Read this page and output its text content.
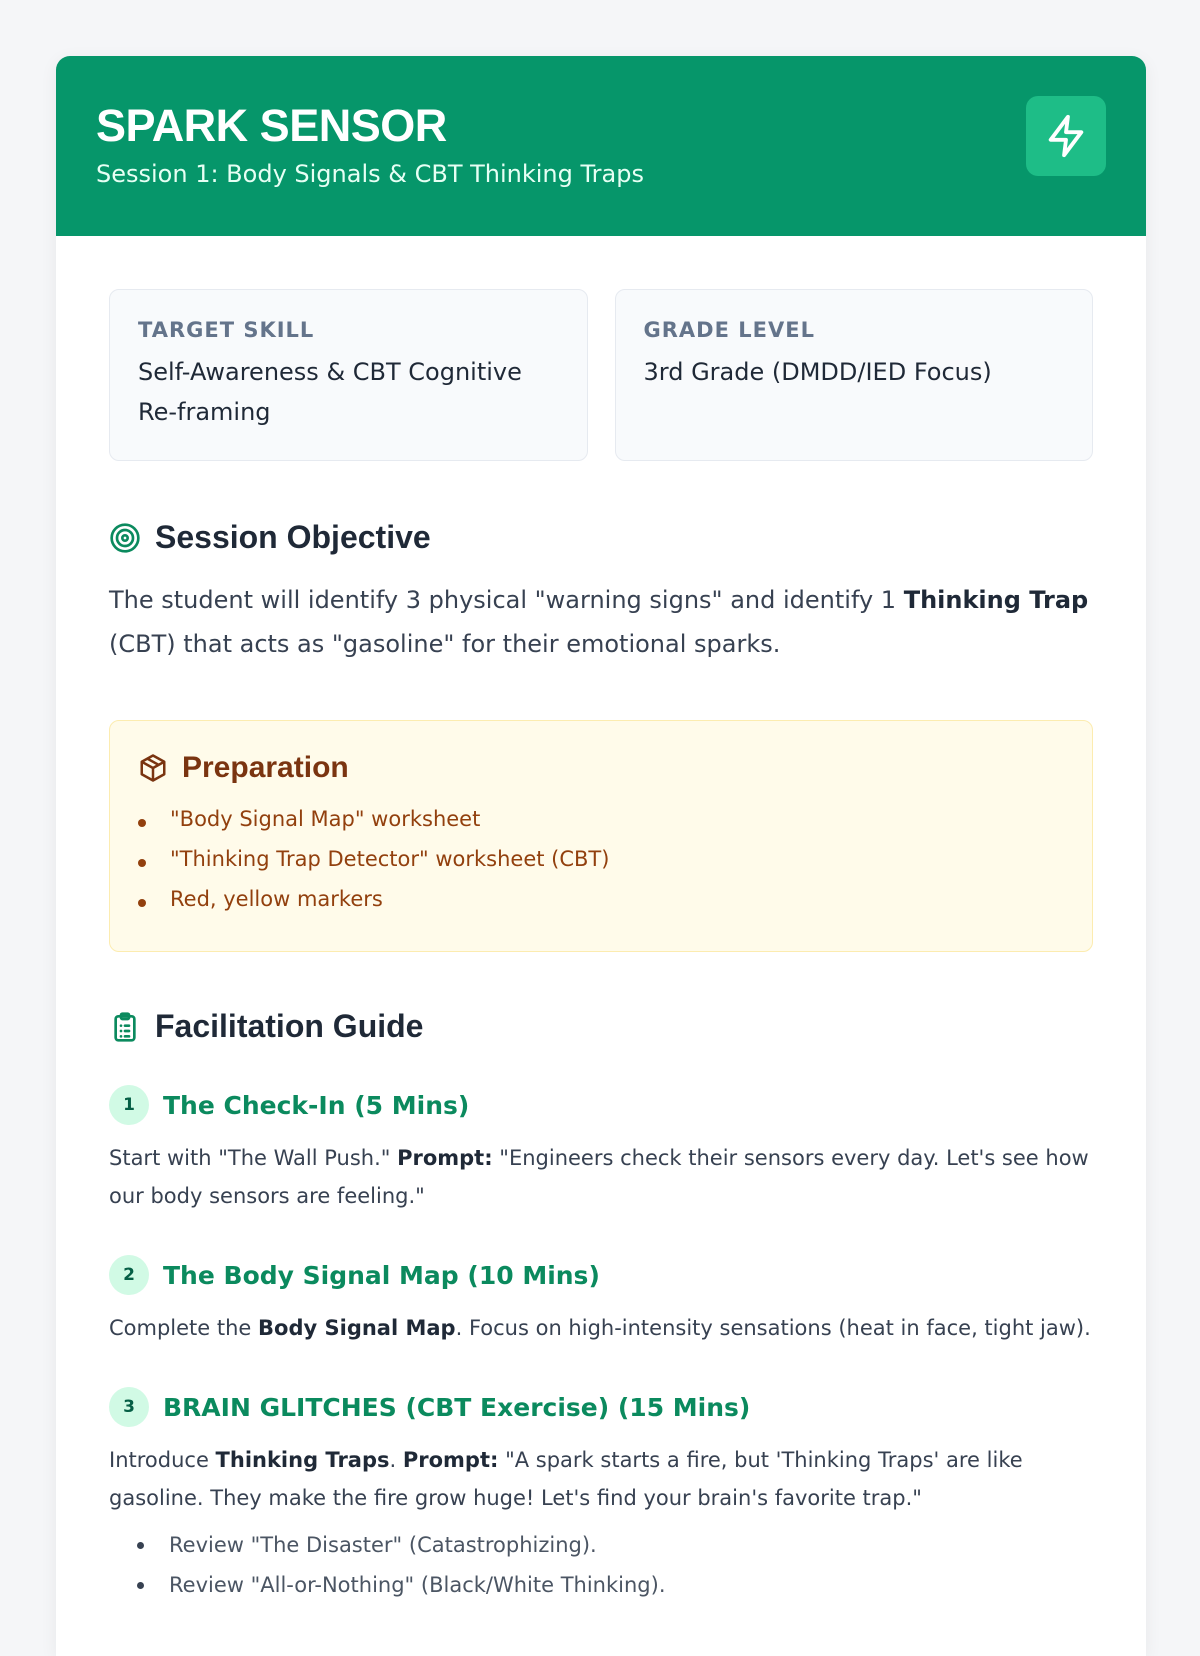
SPARK SENSOR
Session 1: Body Signals & CBT Thinking Traps
TARGET SKILL
Self-Awareness & CBT Cognitive Re-framing
GRADE LEVEL
3rd Grade (DMDD/IED Focus)
Session Objective
The student will identify 3 physical "warning signs" and identify 1 Thinking Trap (CBT) that acts as "gasoline" for their emotional sparks.
Preparation
"Body Signal Map" worksheet
"Thinking Trap Detector" worksheet (CBT)
Red, yellow markers
Facilitation Guide
1	The Check-In (5 Mins)
Start with "The Wall Push." Prompt: "Engineers check their sensors every day. Let's see how our body sensors are feeling."
2	The Body Signal Map (10 Mins)
Complete the Body Signal Map. Focus on high-intensity sensations (heat in face, tight jaw).
3	BRAIN GLITCHES (CBT Exercise) (15 Mins)
Introduce Thinking Traps. Prompt: "A spark starts a fire, but 'Thinking Traps' are like gasoline. They make the fire grow huge! Let's find your brain's favorite trap."
Review "The Disaster" (Catastrophizing).
Review "All-or-Nothing" (Black/White Thinking).
